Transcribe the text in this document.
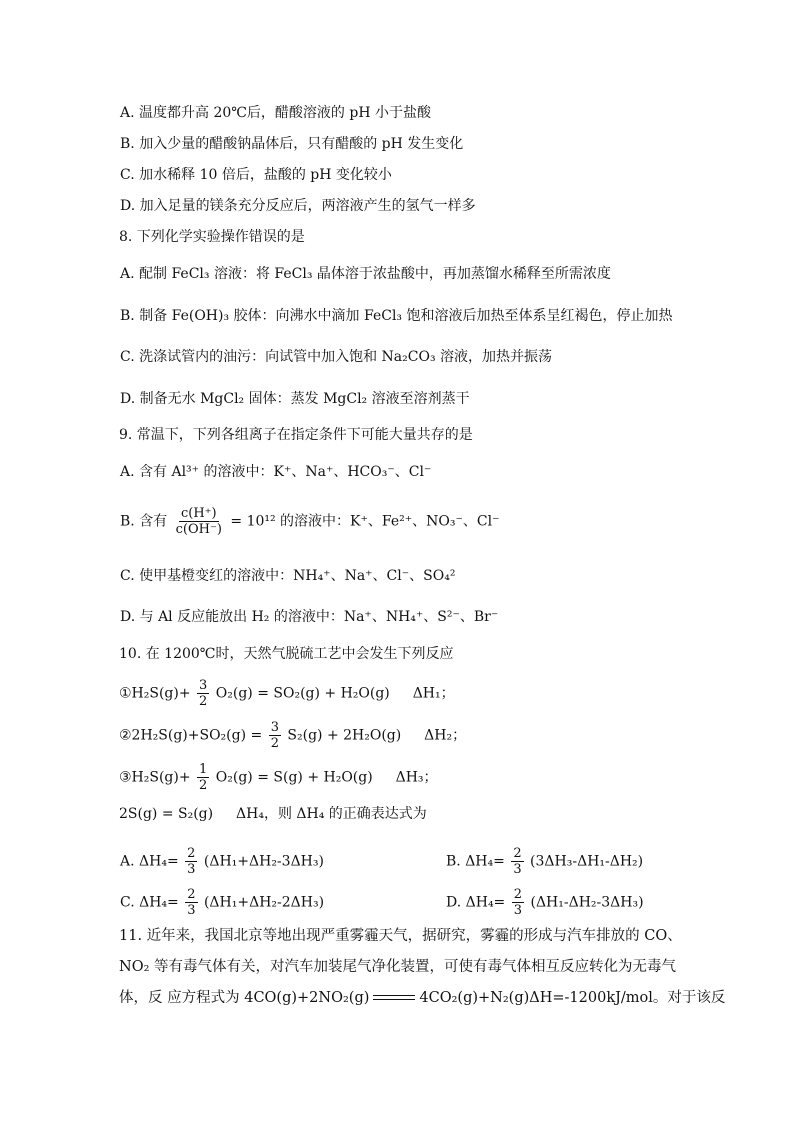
A. 温度都升高 20℃后，醋酸溶液的 pH 小于盐酸
B. 加入少量的醋酸钠晶体后，只有醋酸的 pH 发生变化
C. 加水稀释 10 倍后，盐酸的 pH 变化较小
D. 加入足量的镁条充分反应后，两溶液产生的氢气一样多
8. 下列化学实验操作错误的是
A. 配制 FeCl₃ 溶液：将 FeCl₃ 晶体溶于浓盐酸中，再加蒸馏水稀释至所需浓度
B. 制备 Fe(OH)₃ 胶体：向沸水中滴加 FeCl₃ 饱和溶液后加热至体系呈红褐色，停止加热
C. 洗涤试管内的油污：向试管中加入饱和 Na₂CO₃ 溶液，加热并振荡
D. 制备无水 MgCl₂ 固体：蒸发 MgCl₂ 溶液至溶剂蒸干
9. 常温下，下列各组离子在指定条件下可能大量共存的是
A. 含有 Al³⁺ 的溶液中：K⁺、Na⁺、HCO₃⁻、Cl⁻
B. 含有 $\frac{c(H^+)}{c(OH^-)} = 10^{12}$ 的溶液中：K⁺、Fe²⁺、NO₃⁻、Cl⁻
C. 使甲基橙变红的溶液中：NH₄⁺、Na⁺、Cl⁻、SO₄²
D. 与 Al 反应能放出 H₂ 的溶液中：Na⁺、NH₄⁺、S²⁻、Br⁻
10. 在 1200℃时，天然气脱硫工艺中会发生下列反应
①H₂S(g)+ $\frac{3}{2} O_2(g) = SO_2(g) + H_2O(g)$ ΔH₁；
②2H₂S(g)+SO₂(g) = $\frac{3}{2} S_2(g) + 2H_2O(g)$ ΔH₂；
③H₂S(g)+ $\frac{1}{2} O_2(g) = S(g) + H_2O(g)$ ΔH₃；
2S(g) = S₂(g) ΔH₄，则 ΔH₄ 的正确表达式为
A. $\Delta H_4= \frac{2}{3} (\Delta H_1+\Delta H_2-3\Delta H_3)$	B. $\Delta H_4= \frac{2}{3} (3\Delta H_3-\Delta H_1-\Delta H_2)$
C. $\Delta H_4= \frac{2}{3} (\Delta H_1+\Delta H_2-2\Delta H_3)$	D. $\Delta H_4= \frac{2}{3} (\Delta H_1-\Delta H_2-3\Delta H_3)$
11. 近年来，我国北京等地出现严重雾霾天气，据研究，雾霾的形成与汽车排放的 CO、
NO₂ 等有毒气体有关，对汽车加装尾气净化装置，可使有毒气体相互反应转化为无毒气
体，反 应方程式为 4CO(g)+2NO₂(g)	4CO₂(g)+N₂(g)ΔH=-1200kJ/mol。对于该反
